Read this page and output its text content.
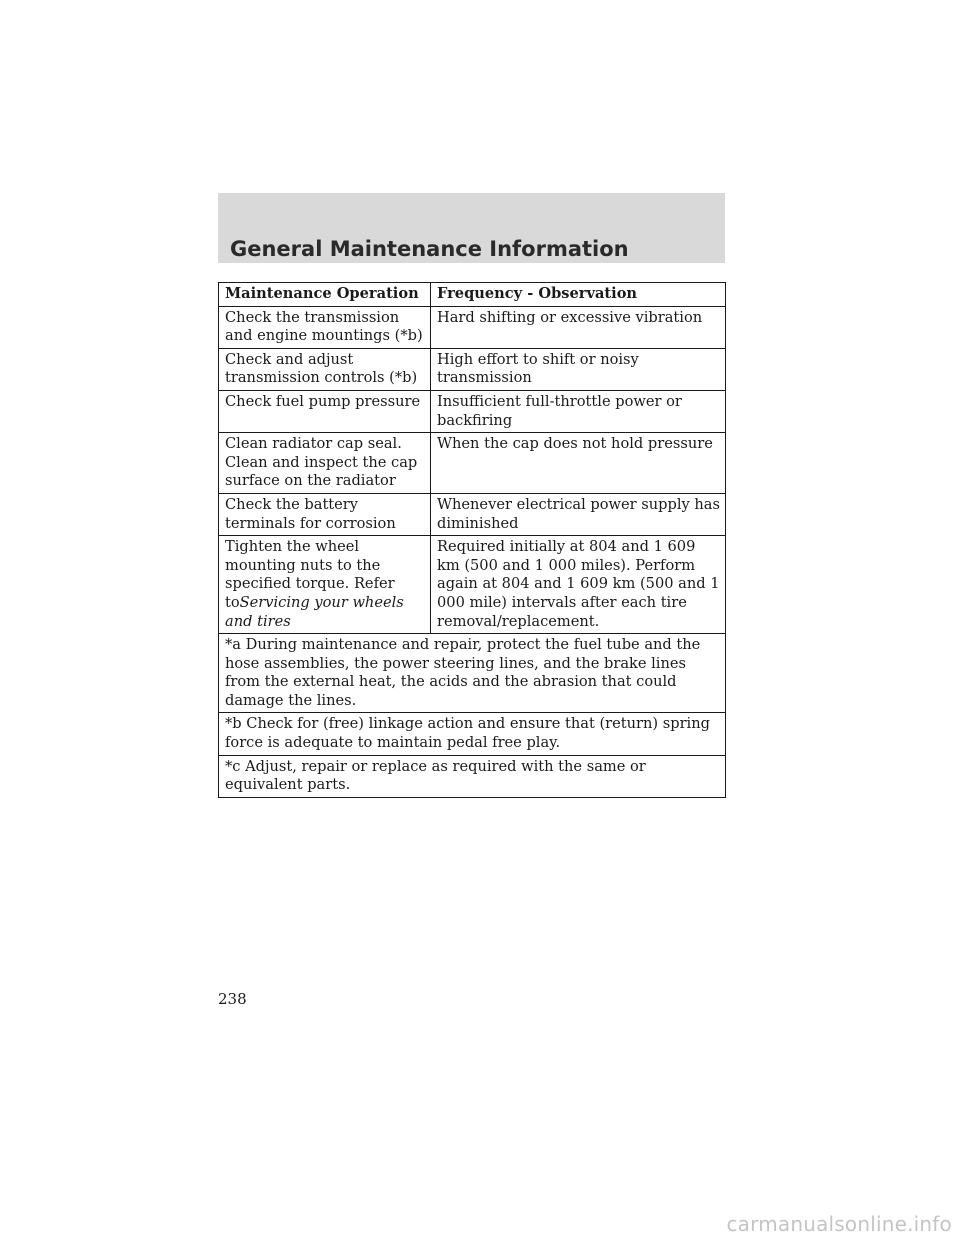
General Maintenance Information
Maintenance Operation	Frequency - Observation
Check the transmission and engine mountings (*b)	Hard shifting or excessive vibration
Check and adjust transmission controls (*b)	High effort to shift or noisy transmission
Check fuel pump pressure	Insufficient full-throttle power or backfiring
Clean radiator cap seal. Clean and inspect the cap surface on the radiator	When the cap does not hold pressure
Check the battery terminals for corrosion	Whenever electrical power supply has diminished
Tighten the wheel mounting nuts to the specified torque. Refer toServicing your wheels and tires	Required initially at 804 and 1 609 km (500 and 1 000 miles). Perform again at 804 and 1 609 km (500 and 1 000 mile) intervals after each tire removal/replacement.
*a During maintenance and repair, protect the fuel tube and the hose assemblies, the power steering lines, and the brake lines from the external heat, the acids and the abrasion that could damage the lines.	
*b Check for (free) linkage action and ensure that (return) spring force is adequate to maintain pedal free play.	
*c Adjust, repair or replace as required with the same or equivalent parts.	
238
carmanualsonline.info
